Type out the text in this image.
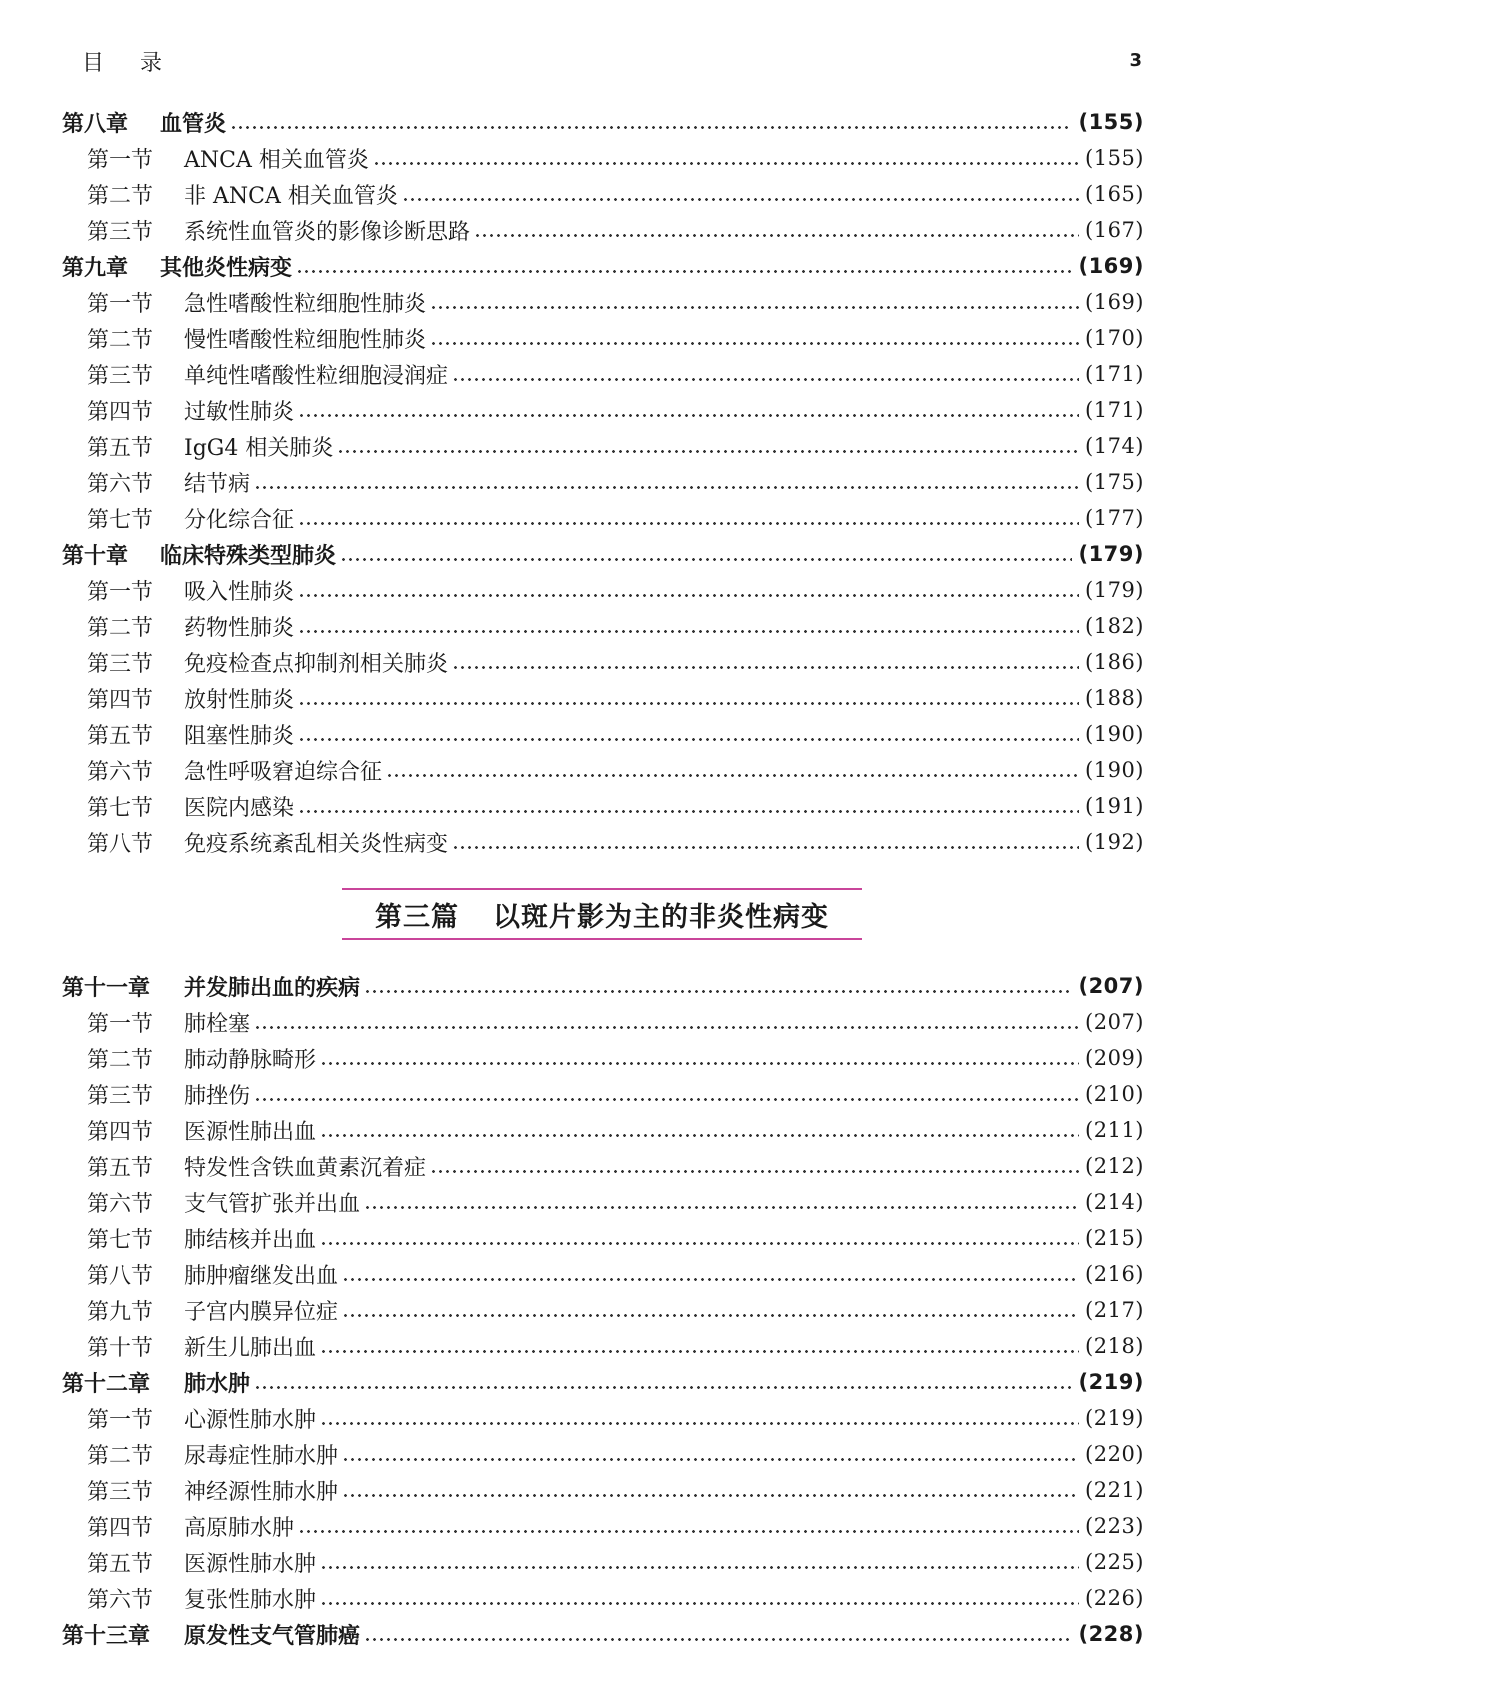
目录	3
第八章	血管炎	(155)
第一节	ANCA 相关血管炎	(155)
第二节	非 ANCA 相关血管炎	(165)
第三节	系统性血管炎的影像诊断思路	(167)
第九章	其他炎性病变	(169)
第一节	急性嗜酸性粒细胞性肺炎	(169)
第二节	慢性嗜酸性粒细胞性肺炎	(170)
第三节	单纯性嗜酸性粒细胞浸润症	(171)
第四节	过敏性肺炎	(171)
第五节	IgG4 相关肺炎	(174)
第六节	结节病	(175)
第七节	分化综合征	(177)
第十章	临床特殊类型肺炎	(179)
第一节	吸入性肺炎	(179)
第二节	药物性肺炎	(182)
第三节	免疫检查点抑制剂相关肺炎	(186)
第四节	放射性肺炎	(188)
第五节	阻塞性肺炎	(190)
第六节	急性呼吸窘迫综合征	(190)
第七节	医院内感染	(191)
第八节	免疫系统紊乱相关炎性病变	(192)
第三篇 以斑片影为主的非炎性病变
第十一章	并发肺出血的疾病	(207)
第一节	肺栓塞	(207)
第二节	肺动静脉畸形	(209)
第三节	肺挫伤	(210)
第四节	医源性肺出血	(211)
第五节	特发性含铁血黄素沉着症	(212)
第六节	支气管扩张并出血	(214)
第七节	肺结核并出血	(215)
第八节	肺肿瘤继发出血	(216)
第九节	子宫内膜异位症	(217)
第十节	新生儿肺出血	(218)
第十二章	肺水肿	(219)
第一节	心源性肺水肿	(219)
第二节	尿毒症性肺水肿	(220)
第三节	神经源性肺水肿	(221)
第四节	高原肺水肿	(223)
第五节	医源性肺水肿	(225)
第六节	复张性肺水肿	(226)
第十三章	原发性支气管肺癌	(228)
